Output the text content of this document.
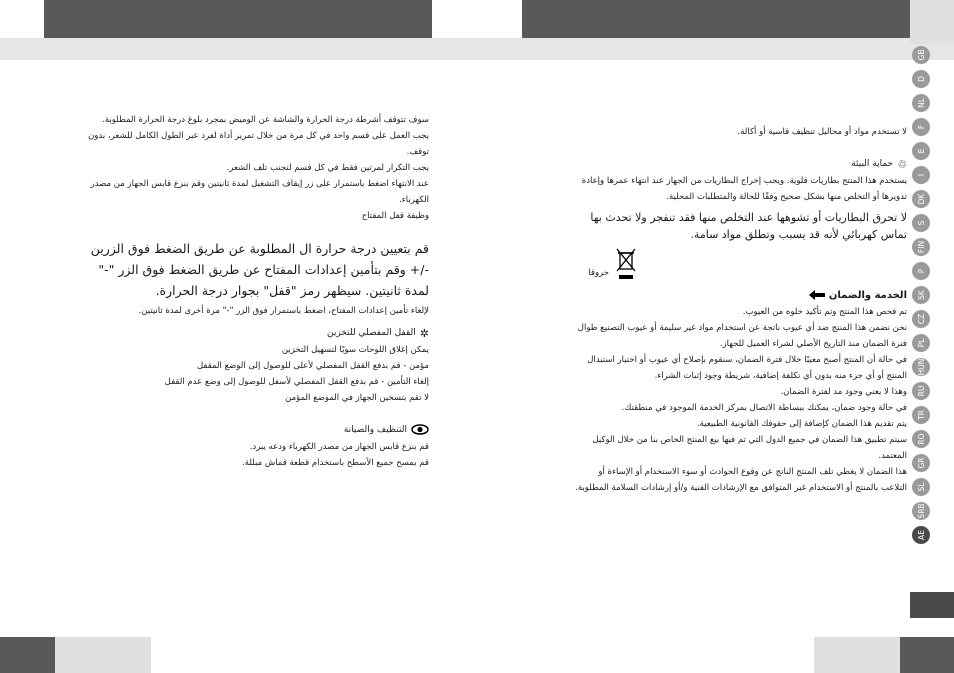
سوف تتوقف أشرطة درجة الحرارة والشاشة عن الوميض بمجرد بلوغ درجة الحرارة المطلوبة.

يجب العمل على قسم واحد في كل مرة من خلال تمرير أداة لفرد عبر الطول الكامل للشعر، بدون توقف.

يجب التكرار لمرتين فقط في كل قسم لتجنب تلف الشعر.

عند الانتهاء اضغط باستمرار على زر إيقاف التشغيل لمدة ثانيتين وقم بنزع قابس الجهاز من مصدر الكهرباء.

وظيفة قفل المفتاح

قم بتعيين درجة حرارة ال المطلوبة عن طريق الضغط فوق الزرين -/+ وقم بتأمين إعدادات المفتاح عن طريق الضغط فوق الزر "-" لمدة ثانيتين. سيظهر رمز "قفل" بجوار درجة الحرارة.

لإلغاء تأمين إعدادات المفتاح، اضغط باستمرار فوق الزر "-" مرة أخرى لمدة ثانيتين.

✲
القفل المفصلي للتخزين

يمكن إغلاق اللوحات سويًا لتسهيل التخزين

مؤمن - قم بدفع القفل المفصلي لأعلى للوصول إلى الوضع المقفل

إلغاء التأمين - قم بدفع القفل المفصلي لأسفل للوصول إلى وضع عدم القفل

لا تقم بتسخين الجهاز في الموضع المؤمن

التنظيف والصيانة

قم بنزع قابس الجهاز من مصدر الكهرباء ودعه يبرد.

قم بمسح جميع الأسطح باستخدام قطعة قماش مبللة.

لا تستخدم مواد أو محاليل تنظيف قاسية أو أكالة.

♲
حماية البيئة

يستخدم هذا المنتج بطاريات قلوية. ويجب إخراج البطاريات من الجهاز عند انتهاء عمرها وإعادة تدويرها أو التخلص منها بشكل صحيح وفقًا للحالة والمتطلبات المحلية.

لا تحرق البطاريات أو تشوهها عند التخلص منها فقد تنفجر ولا تحدث بها تماس كهربائي لأنه قد يسبب وتطلق مواد سامة.

حروقا
الخدمة والضمان

تم فحص هذا المنتج وتم تأكيد خلوه من العيوب.

نحن نضمن هذا المنتج ضد أي عيوب ناتجة عن استخدام مواد غير سليمة أو عيوب التصنيع طوال فترة الضمان منذ التاريخ الأصلي لشراء العميل للجهاز.

في حالة أن المنتج أصبح معيبًا خلال فترة الضمان، سنقوم بإصلاح أي عيوب أو اختيار استبدال المنتج أو أي جزء منه بدون أي تكلفة إضافية، شريطة وجود إثبات الشراء.

وهذا لا يعني وجود مد لفترة الضمان.

في حالة وجود ضمان، يمكنك ببساطة الاتصال بمركز الخدمة الموجود في منطقتك.

يتم تقديم هذا الضمان كإضافة إلى حقوقك القانونية الطبيعية.

سيتم تطبيق هذا الضمان في جميع الدول التي تم فيها بيع المنتج الخاص بنا من خلال الوكيل المعتمد.

هذا الضمان لا يغطي تلف المنتج الناتج عن وقوع الحوادث أو سوء الاستخدام أو الإساءة أو التلاعب بالمنتج أو الاستخدام غير المتوافق مع الإرشادات الفنية و/أو إرشادات السلامة المطلوبة.

GB
D
NL
F
E
I
DK
S
FIN
P
SK
CZ
PL
HUN
RU
TR
RO
GR
SL
SRB
AE
